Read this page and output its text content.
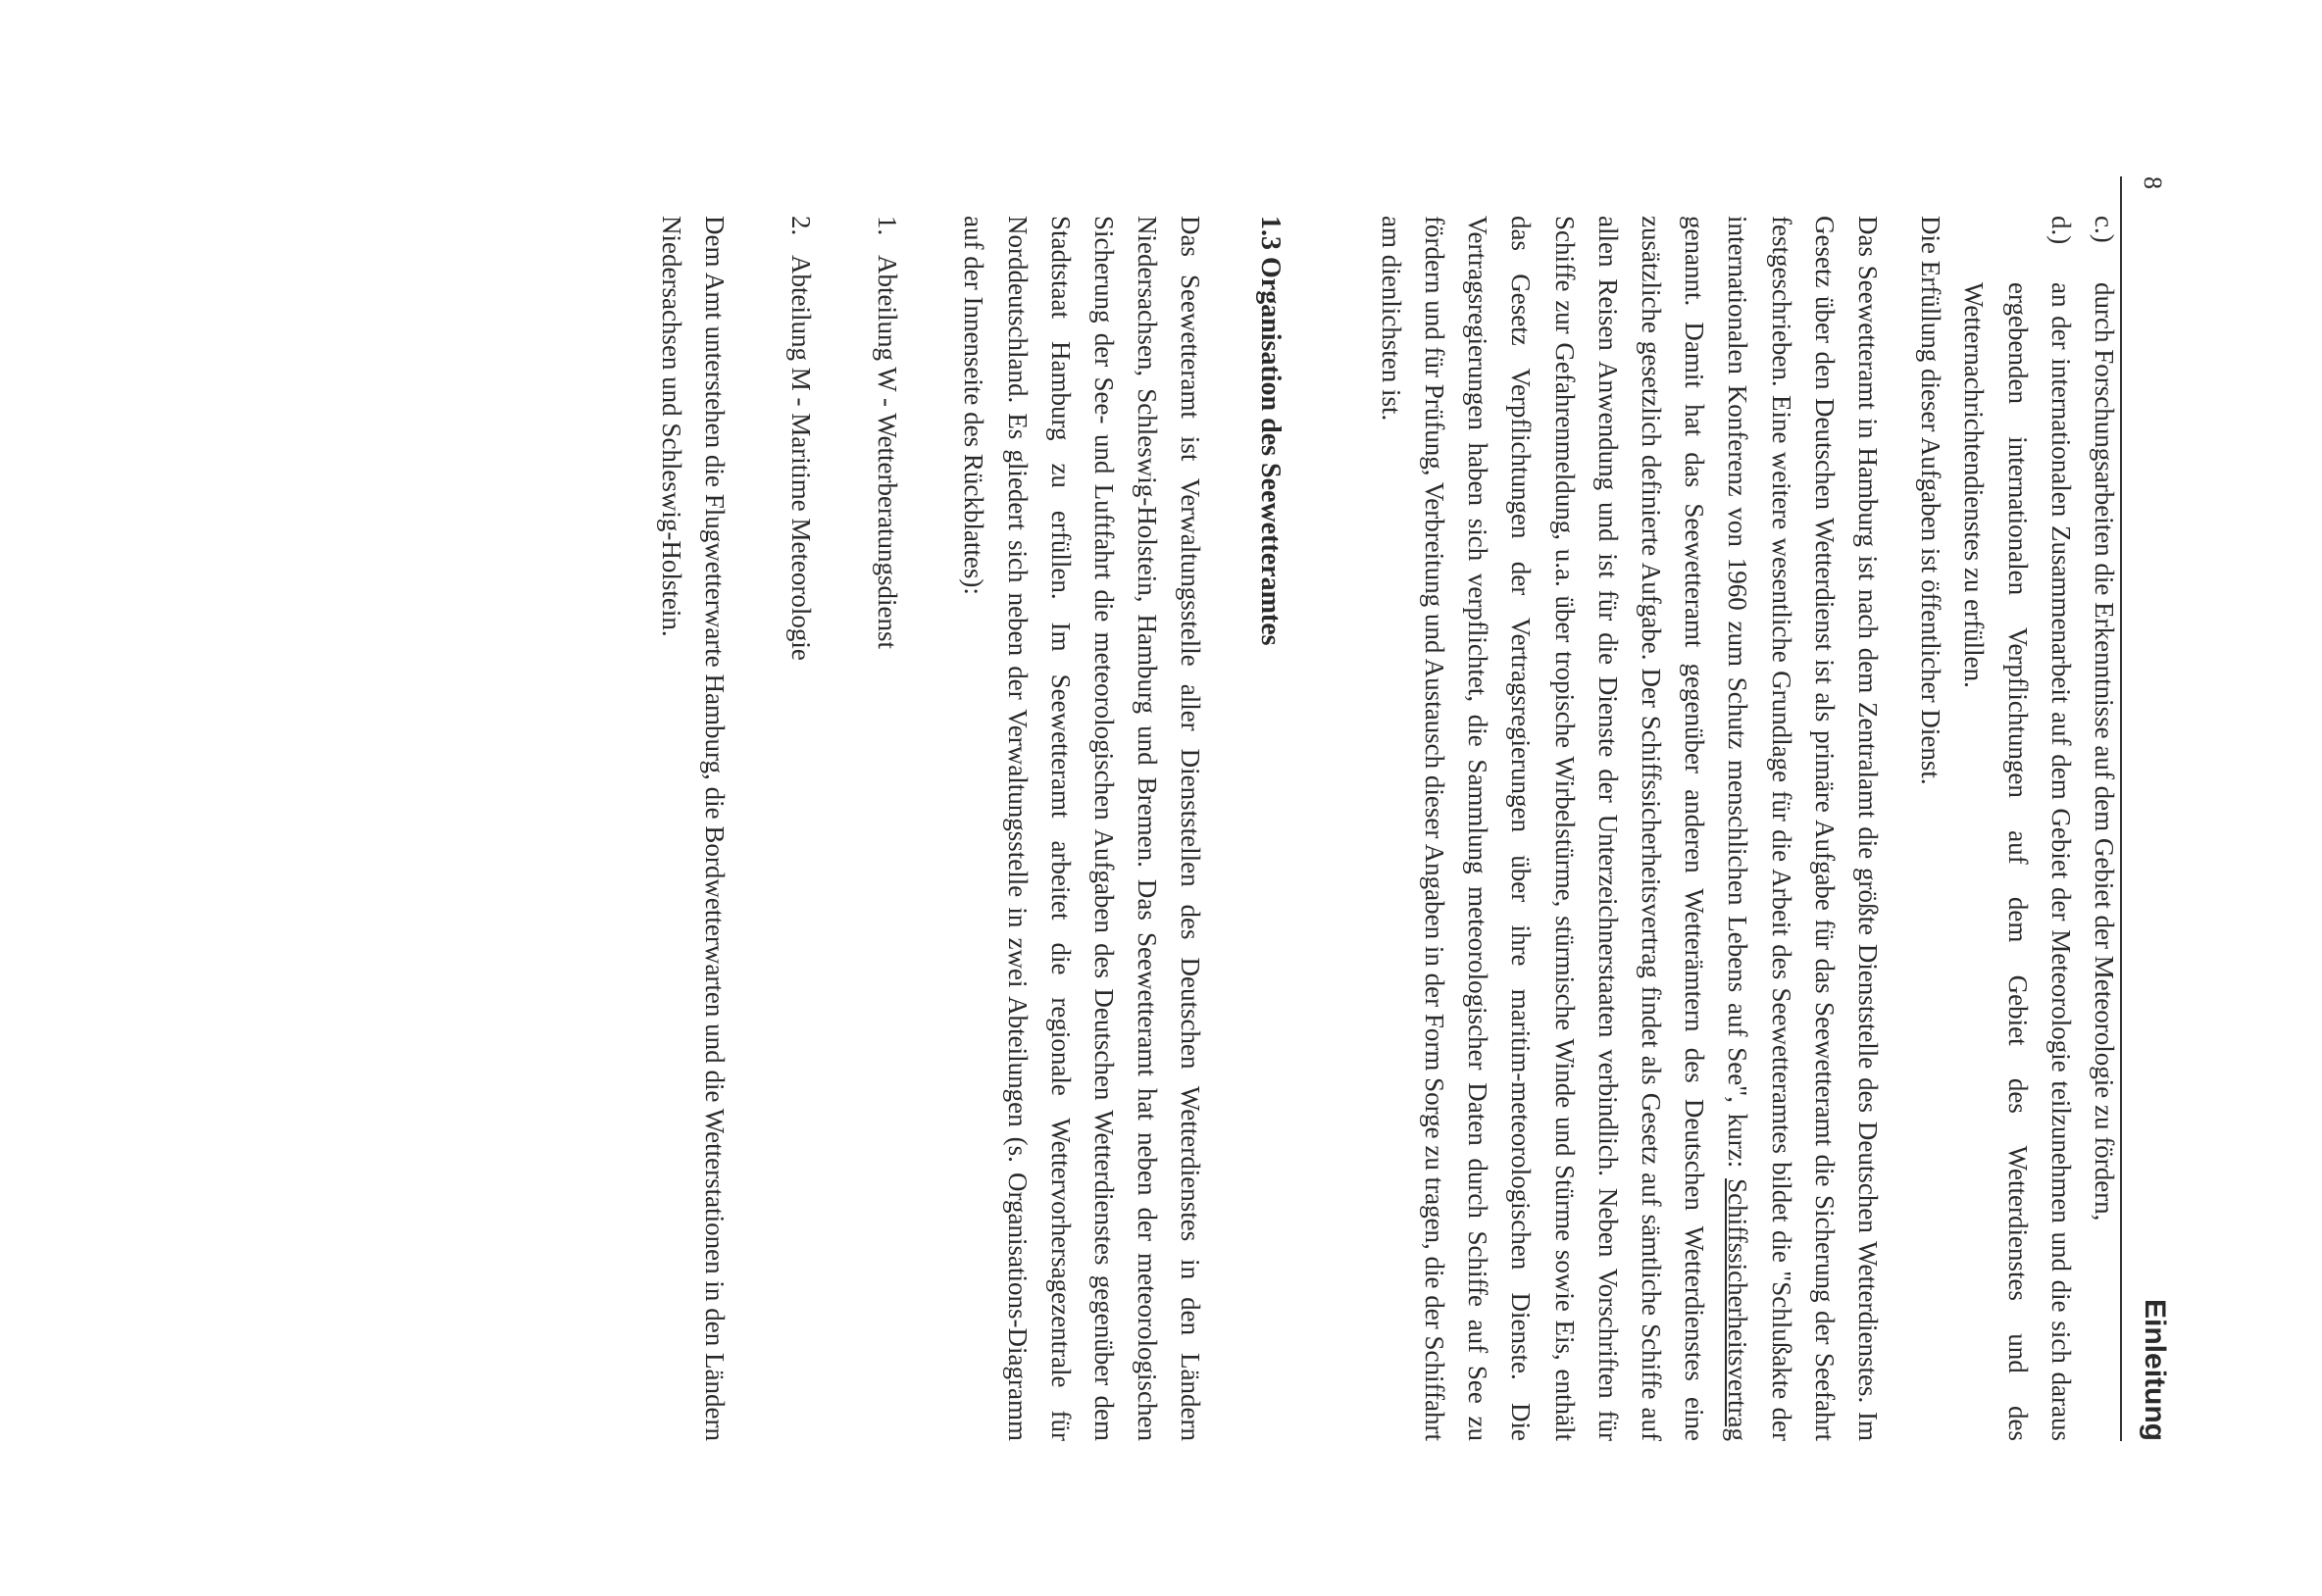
8
Einleitung
c.)
durch Forschungsarbeiten die Erkenntnisse auf dem Gebiet der Meteorologie zu fördern,
d.)
an der internationalen Zusammenarbeit auf dem Gebiet der Meteorologie teilzunehmen und die sich daraus ergebenden internationalen Verpflichtungen auf dem Gebiet des Wetterdienstes und des Wetternachrichtendienstes zu erfüllen.

Die Erfüllung dieser Aufgaben ist öffentlicher Dienst.

Das Seewetteramt in Hamburg ist nach dem Zentralamt die größte Dienststelle des Deutschen Wetterdienstes. Im Gesetz über den Deutschen Wetterdienst ist als primäre Aufgabe für das Seewetteramt die Sicherung der Seefahrt festgeschrieben. Eine weitere wesentliche Grundlage für die Arbeit des Seewetteramtes bildet die "Schlußakte der internationalen Konferenz von 1960 zum Schutz menschlichen Lebens auf See", kurz: Schiffssicherheitsvertrag genannt. Damit hat das Seewetteramt gegenüber anderen Wetterämtern des Deutschen Wetterdienstes eine zusätzliche gesetzlich definierte Aufgabe. Der Schiffssicherheitsvertrag findet als Gesetz auf sämtliche Schiffe auf allen Reisen Anwendung und ist für die Dienste der Unterzeichnerstaaten verbindlich. Neben Vorschriften für Schiffe zur Gefahrenmeldung, u.a. über tropische Wirbelstürme, stürmische Winde und Stürme sowie Eis, enthält das Gesetz Verpflichtungen der Vertragsregierungen über ihre maritim-meteorologischen Dienste. Die Vertragsregierungen haben sich verpflichtet, die Sammlung meteorologischer Daten durch Schiffe auf See zu fördern und für Prüfung, Verbreitung und Austausch dieser Angaben in der Form Sorge zu tragen, die der Schiffahrt am dienlichsten ist.

1.3 Organisation des Seewetteramtes

Das Seewetteramt ist Verwaltungsstelle aller Dienststellen des Deutschen Wetterdienstes in den Ländern Niedersachsen, Schleswig-Holstein, Hamburg und Bremen. Das Seewetteramt hat neben der meteorologischen Sicherung der See- und Luftfahrt die meteorologischen Aufgaben des Deutschen Wetterdienstes gegenüber dem Stadtstaat Hamburg zu erfüllen. Im Seewetteramt arbeitet die regionale Wettervorhersagezentrale für Norddeutschland. Es gliedert sich neben der Verwaltungsstelle in zwei Abteilungen (s. Organisations-Diagramm auf der Innenseite des Rückblattes):

1.
Abteilung W - Wetterberatungsdienst
2.
Abteilung M - Maritime Meteorologie

Dem Amt unterstehen die Flugwetterwarte Hamburg, die Bordwetterwarten und die Wetterstationen in den Ländern Niedersachsen und Schleswig-Holstein.
